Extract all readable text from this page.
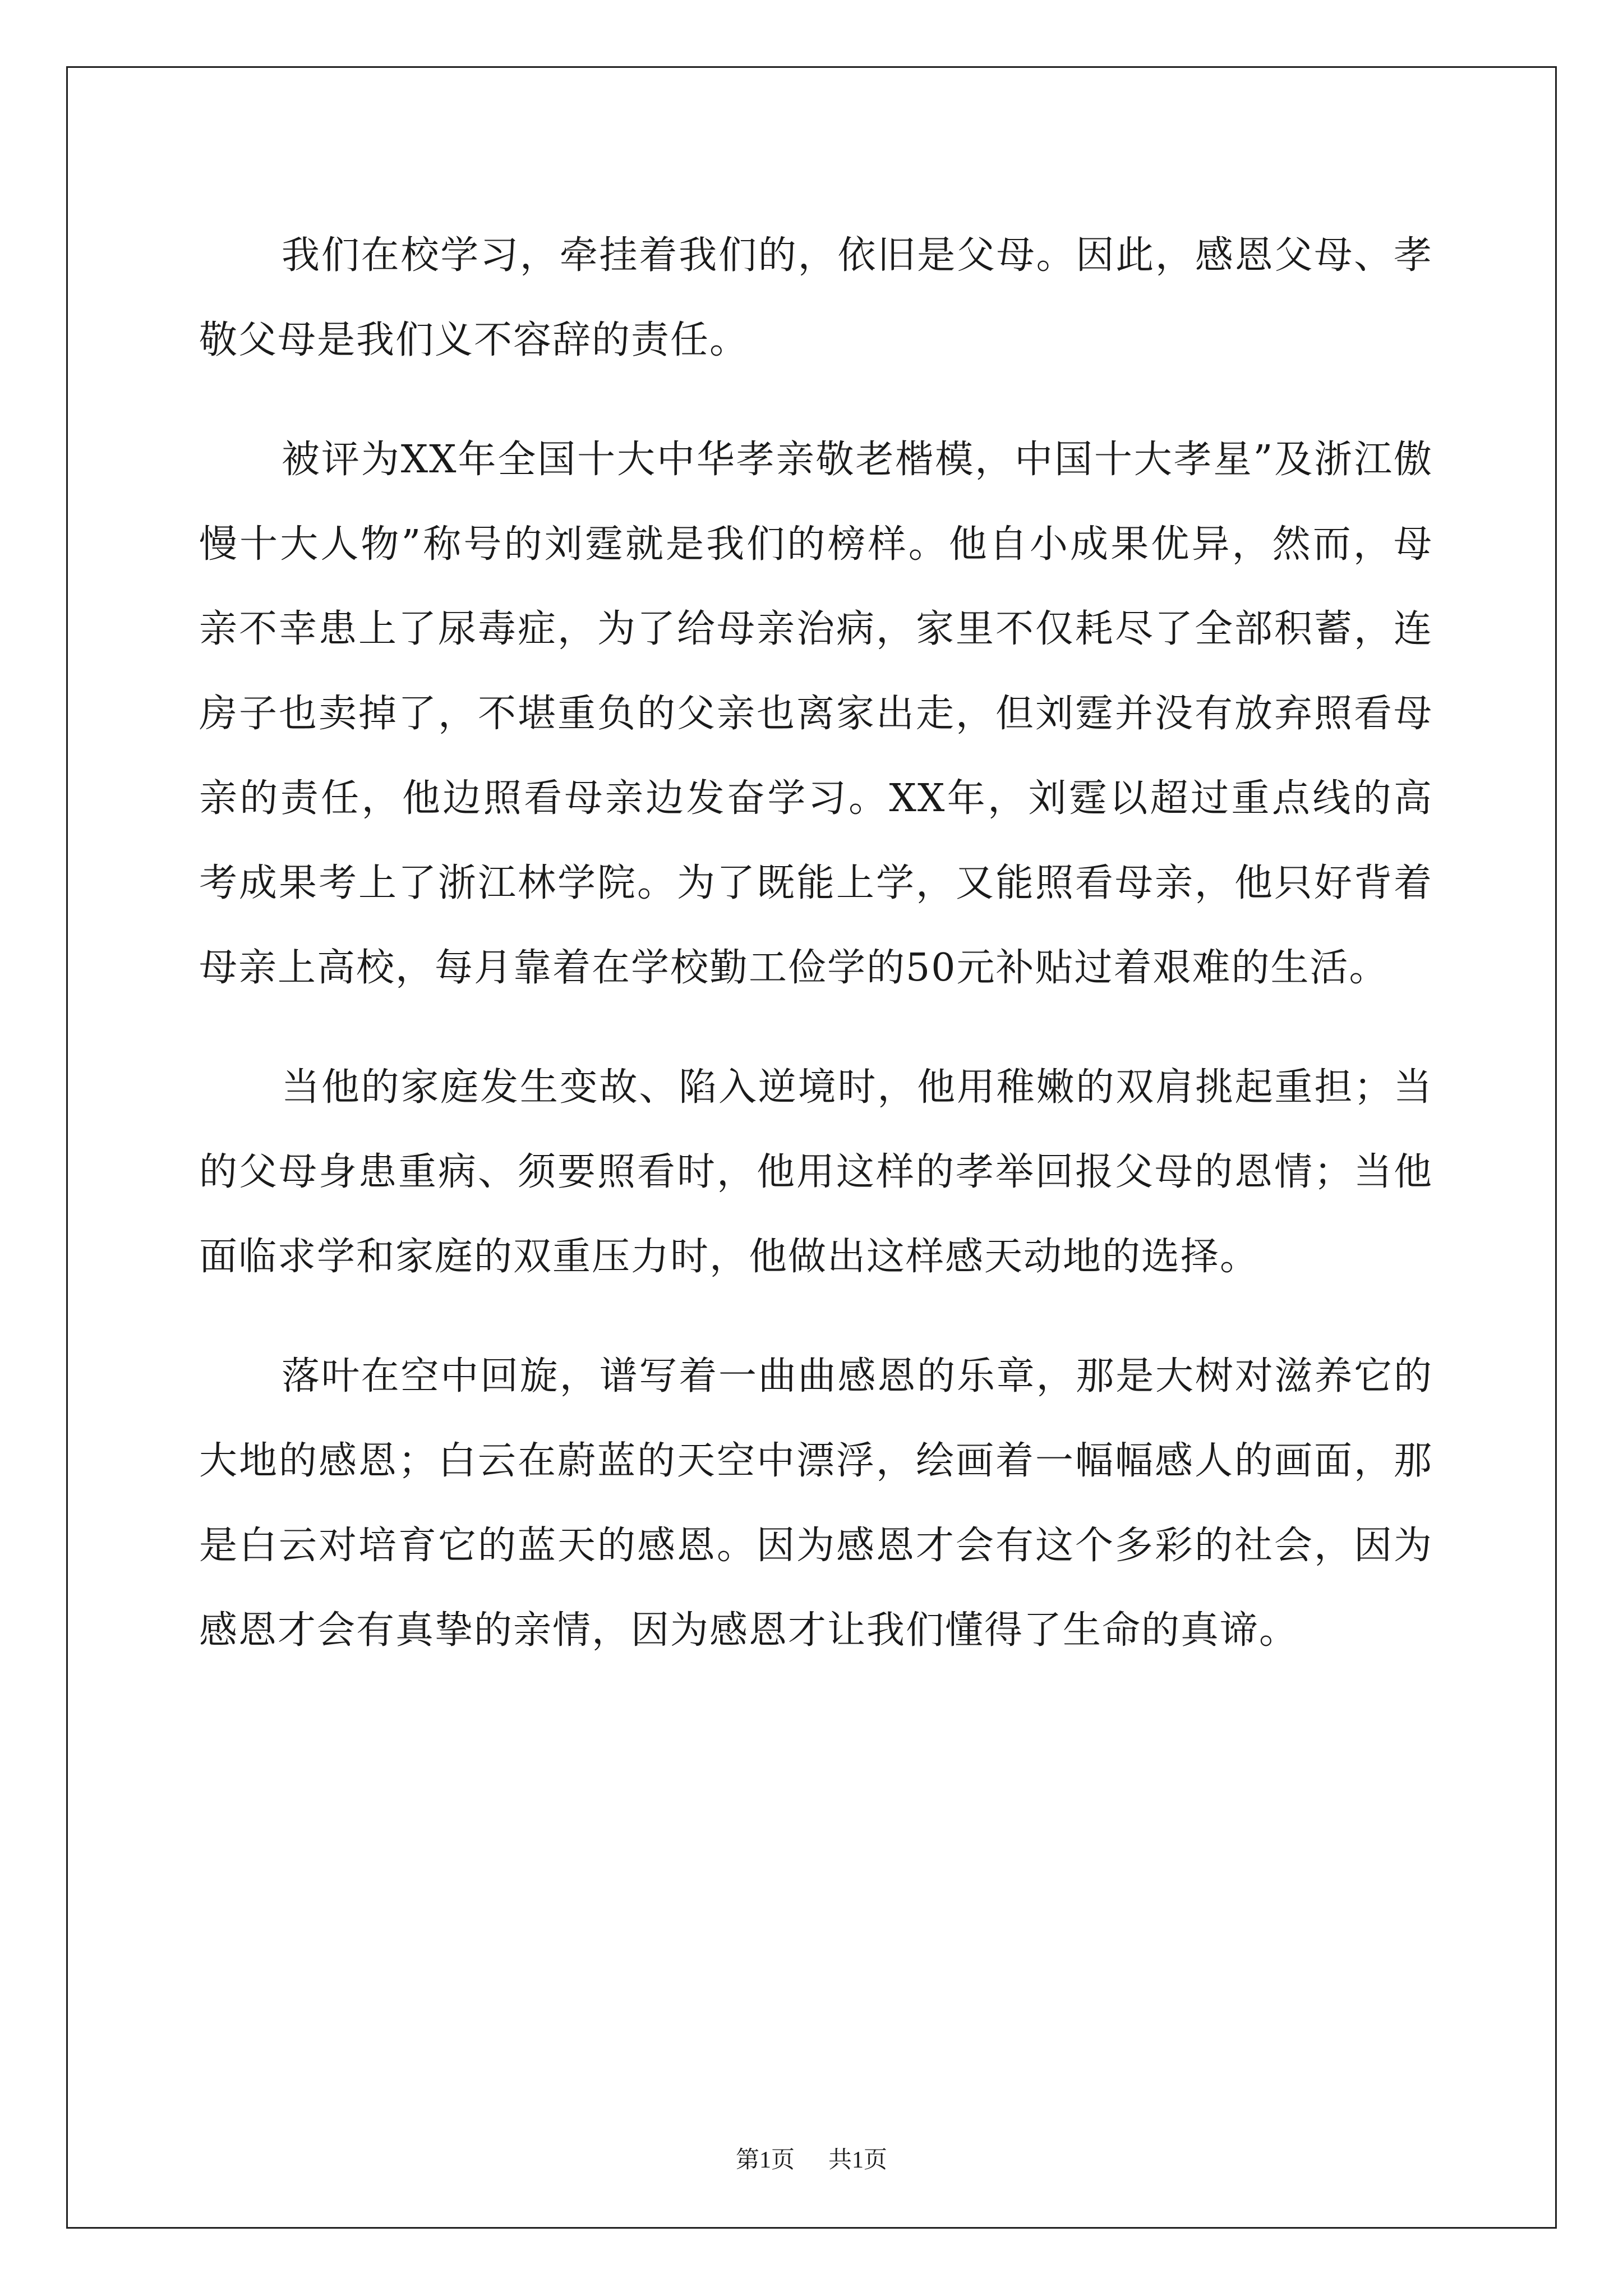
我们在校学习，牵挂着我们的，依旧是父母。因此，感恩父母、孝敬父母是我们义不容辞的责任。

被评为XX年全国十大中华孝亲敬老楷模，中国十大孝星”及浙江傲慢十大人物”称号的刘霆就是我们的榜样。他自小成果优异，然而，母亲不幸患上了尿毒症，为了给母亲治病，家里不仅耗尽了全部积蓄，连房子也卖掉了，不堪重负的父亲也离家出走，但刘霆并没有放弃照看母亲的责任，他边照看母亲边发奋学习。XX年，刘霆以超过重点线的高考成果考上了浙江林学院。为了既能上学，又能照看母亲，他只好背着母亲上高校，每月靠着在学校勤工俭学的50元补贴过着艰难的生活。

当他的家庭发生变故、陷入逆境时，他用稚嫩的双肩挑起重担；当的父母身患重病、须要照看时，他用这样的孝举回报父母的恩情；当他面临求学和家庭的双重压力时，他做出这样感天动地的选择。

落叶在空中回旋，谱写着一曲曲感恩的乐章，那是大树对滋养它的大地的感恩；白云在蔚蓝的天空中漂浮，绘画着一幅幅感人的画面，那是白云对培育它的蓝天的感恩。因为感恩才会有这个多彩的社会，因为感恩才会有真挚的亲情，因为感恩才让我们懂得了生命的真谛。

第1页 共1页
